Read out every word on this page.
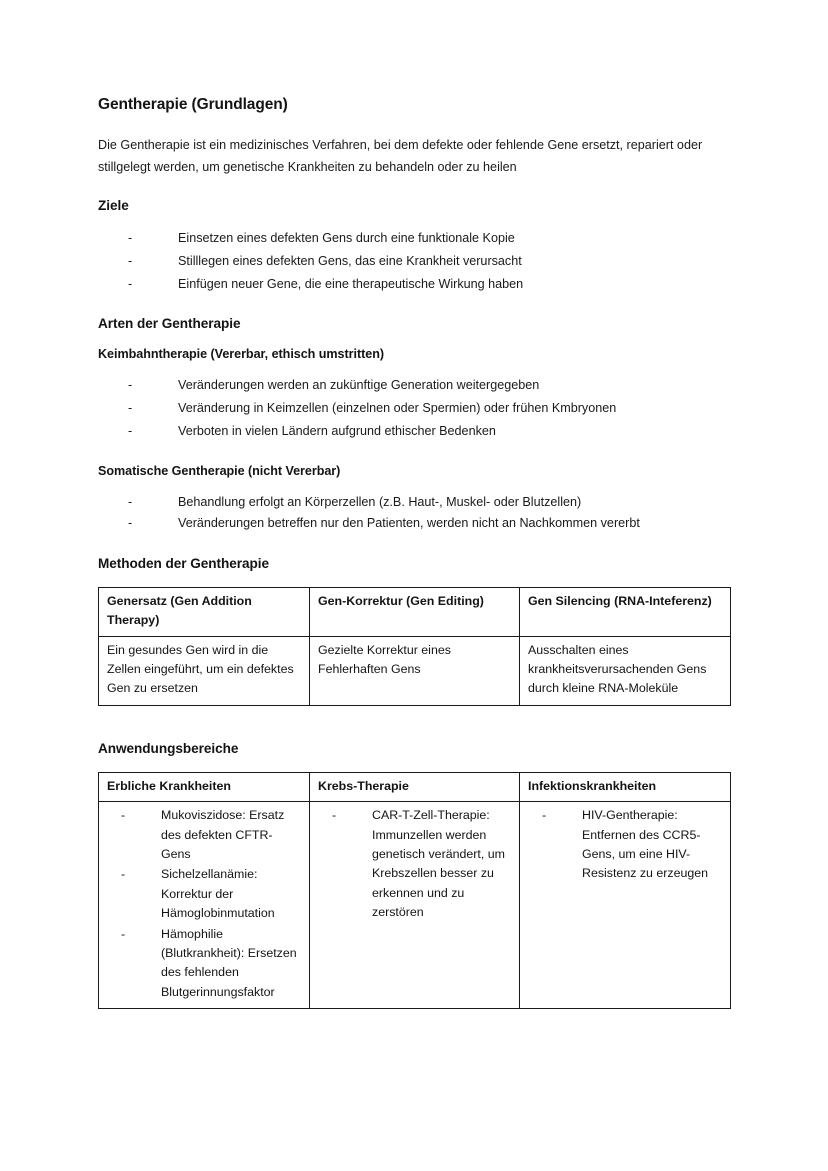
Gentherapie (Grundlagen)

Die Gentherapie ist ein medizinisches Verfahren, bei dem defekte oder fehlende Gene ersetzt, repariert oder stillgelegt werden, um genetische Krankheiten zu behandeln oder zu heilen

Ziele
-	Einsetzen eines defekten Gens durch eine funktionale Kopie
-	Stilllegen eines defekten Gens, das eine Krankheit verursacht
-	Einfügen neuer Gene, die eine therapeutische Wirkung haben
Arten der Gentherapie
Keimbahntherapie (Vererbar, ethisch umstritten)
-	Veränderungen werden an zukünftige Generation weitergegeben
-	Veränderung in Keimzellen (einzelnen oder Spermien) oder frühen Kmbryonen
-	Verboten in vielen Ländern aufgrund ethischer Bedenken
Somatische Gentherapie (nicht Vererbar)
-	Behandlung erfolgt an Körperzellen (z.B. Haut-, Muskel- oder Blutzellen)
-	Veränderungen betreffen nur den Patienten, werden nicht an Nachkommen vererbt
Methoden der Gentherapie
Genersatz (Gen Addition Therapy)	Gen-Korrektur (Gen Editing)	Gen Silencing (RNA-Inteferenz)
Ein gesundes Gen wird in die Zellen eingeführt, um ein defektes Gen zu ersetzen	Gezielte Korrektur eines Fehlerhaften Gens	Ausschalten eines krankheitsverursachenden Gens durch kleine RNA-Moleküle
Anwendungsbereiche
Erbliche Krankheiten	Krebs-Therapie	Infektionskrankheiten

-	Mukoviszidose: Ersatz des defekten CFTR-Gens
-	Sichelzellanämie: Korrektur der Hämoglobinmutation
-	Hämophilie (Blutkrankheit): Ersetzen des fehlenden Blutgerinnungsfaktor

-	CAR-T-Zell-Therapie: Immunzellen werden genetisch verändert, um Krebszellen besser zu erkennen und zu zerstören

-	HIV-Gentherapie: Entfernen des CCR5-Gens, um eine HIV-Resistenz zu erzeugen
